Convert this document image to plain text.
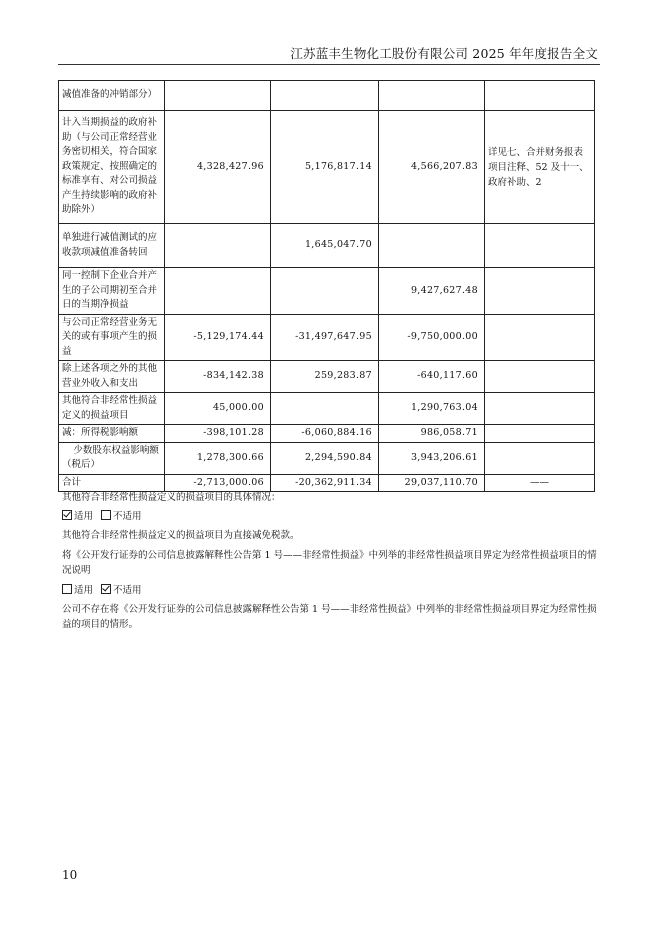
江苏蓝丰生物化工股份有限公司 2025 年年度报告全文
减值准备的冲销部分）				
计入当期损益的政府补助（与公司正常经营业务密切相关，符合国家政策规定、按照确定的标准享有、对公司损益产生持续影响的政府补助除外）	4,328,427.96	5,176,817.14	4,566,207.83	详见七、合并财务报表项目注释、52 及十一、政府补助、2
单独进行减值测试的应收款项减值准备转回		1,645,047.70		
同一控制下企业合并产生的子公司期初至合并日的当期净损益			9,427,627.48	
与公司正常经营业务无关的或有事项产生的损益	-5,129,174.44	-31,497,647.95	-9,750,000.00	
除上述各项之外的其他营业外收入和支出	-834,142.38	259,283.87	-640,117.60	
其他符合非经常性损益定义的损益项目	45,000.00		1,290,763.04	
减：所得税影响额	-398,101.28	-6,060,884.16	986,058.71	
少数股东权益影响额（税后）	1,278,300.66	2,294,590.84	3,943,206.61	
合计	-2,713,000.06	-20,362,911.34	29,037,110.70	——
其他符合非经常性损益定义的损益项目的具体情况：
适用 不适用
其他符合非经常性损益定义的损益项目为直接减免税款。
将《公开发行证券的公司信息披露解释性公告第 1 号——非经常性损益》中列举的非经常性损益项目界定为经常性损益项目的情况说明
适用 不适用
公司不存在将《公开发行证券的公司信息披露解释性公告第 1 号——非经常性损益》中列举的非经常性损益项目界定为经常性损益的项目的情形。
10
